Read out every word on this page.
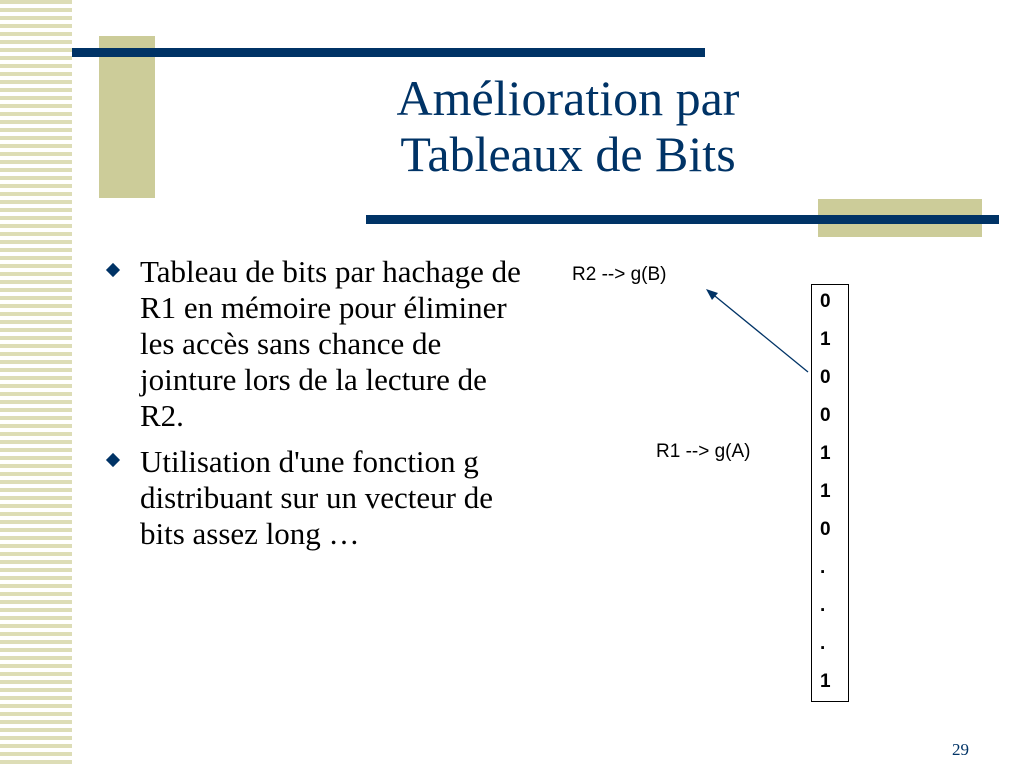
Amélioration par
Tableaux de Bits
Tableau de bits par hachage de R1 en mémoire pour éliminer les accès sans chance de jointure lors de la lecture de R2.
Utilisation d'une fonction g distribuant sur un vecteur de bits assez long …
R2 --> g(B)
R1 --> g(A)
0
1
0
0
1
1
0
.
.
.
1
29
